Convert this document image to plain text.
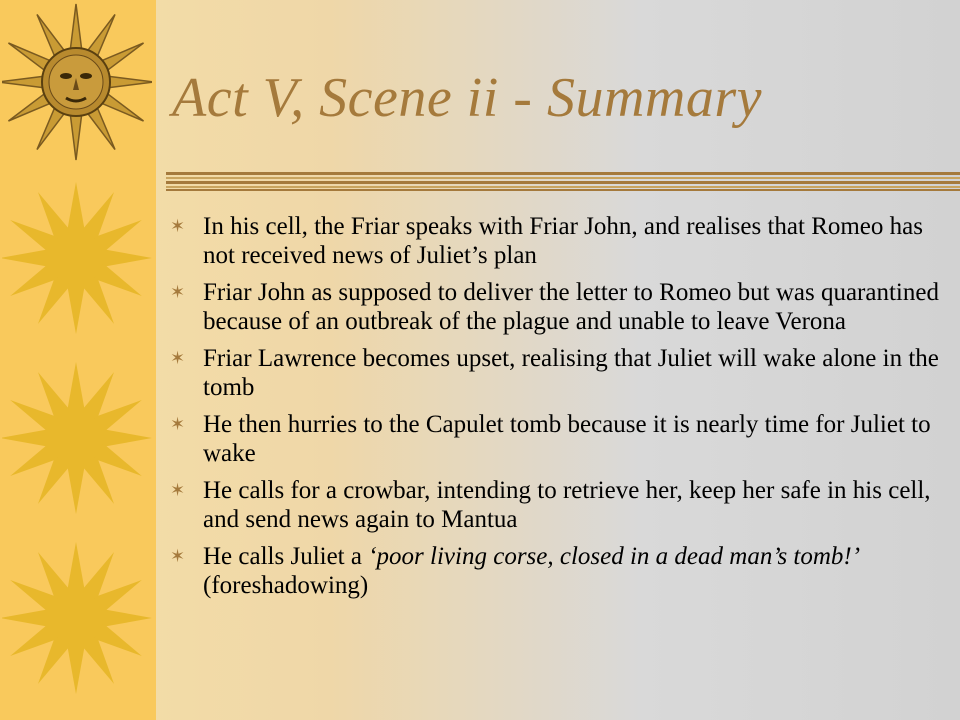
Act V, Scene ii - Summary
✶ In his cell, the Friar speaks with Friar John, and realises that Romeo has not received news of Juliet’s plan
✶ Friar John as supposed to deliver the letter to Romeo but was quarantined because of an outbreak of the plague and unable to leave Verona
✶ Friar Lawrence becomes upset, realising that Juliet will wake alone in the tomb
✶ He then hurries to the Capulet tomb because it is nearly time for Juliet to wake
✶ He calls for a crowbar, intending to retrieve her, keep her safe in his cell, and send news again to Mantua
✶ He calls Juliet a ‘poor living corse, closed in a dead man’s tomb!’ (foreshadowing)
